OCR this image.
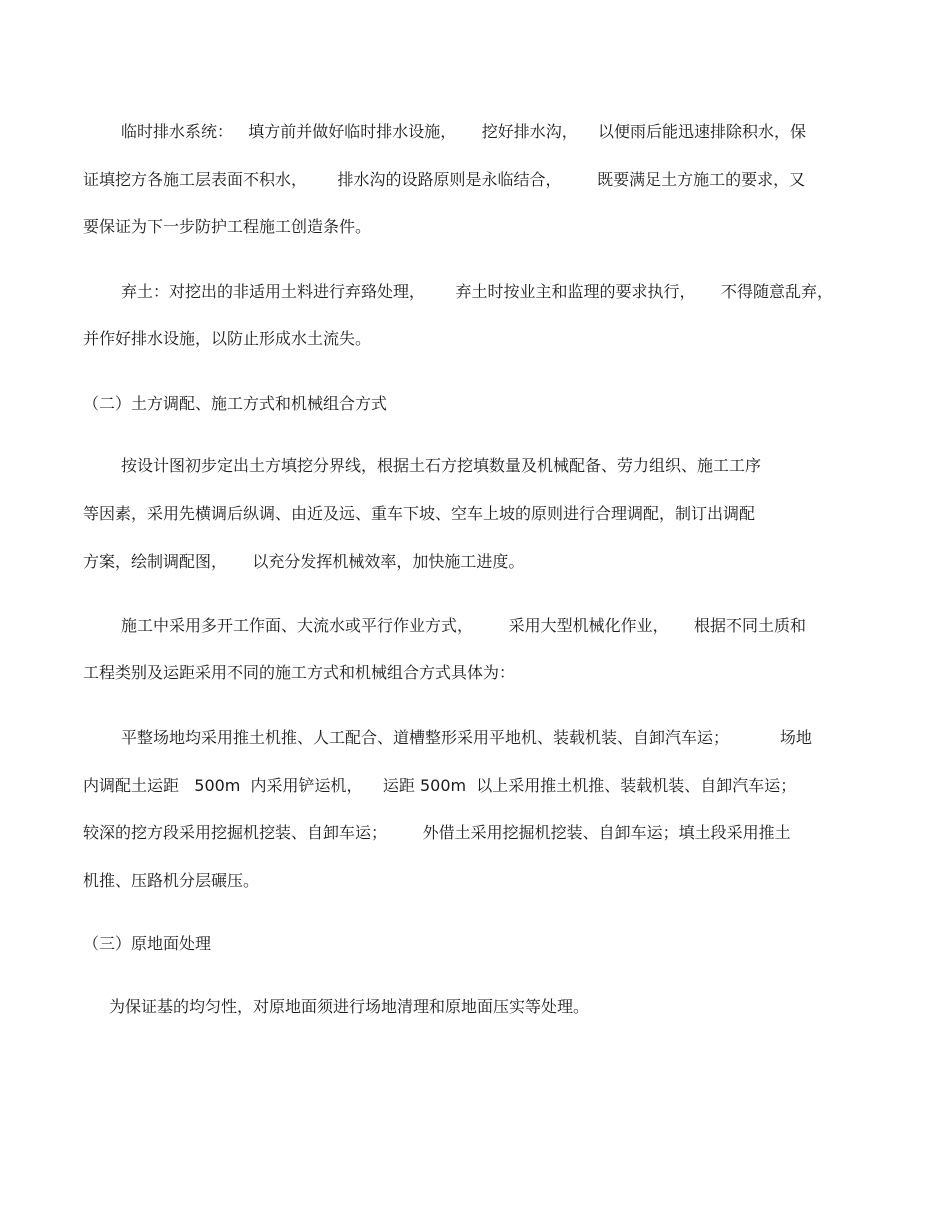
临时排水系统：   填方前并做好临时排水设施，     挖好排水沟，    以便雨后能迅速排除积水，保

证填挖方各施工层表面不积水，      排水沟的设路原则是永临结合，       既要满足土方施工的要求，又

要保证为下一步防护工程施工创造条件。

弃土：对挖出的非适用土料进行弃臵处理，      弃土时按业主和监理的要求执行，     不得随意乱弃，

并作好排水设施，以防止形成水土流失。

（二）土方调配、施工方式和机械组合方式

按设计图初步定出土方填挖分界线，根据土石方挖填数量及机械配备、劳力组织、施工工序

等因素，采用先横调后纵调、由近及远、重车下坡、空车上坡的原则进行合理调配，制订出调配

方案，绘制调配图，     以充分发挥机械效率，加快施工进度。

施工中采用多开工作面、大流水或平行作业方式，       采用大型机械化作业，     根据不同土质和

工程类别及运距采用不同的施工方式和机械组合方式具体为：

平整场地均采用推土机推、人工配合、道槽整形采用平地机、装载机装、自卸汽车运；          场地

内调配土运距   500m  内采用铲运机，    运距 500m  以上采用推土机推、装载机装、自卸汽车运；

较深的挖方段采用挖掘机挖装、自卸车运；       外借土采用挖掘机挖装、自卸车运；填土段采用推土

机推、压路机分层碾压。

（三）原地面处理

为保证基的均匀性，对原地面须进行场地清理和原地面压实等处理。
